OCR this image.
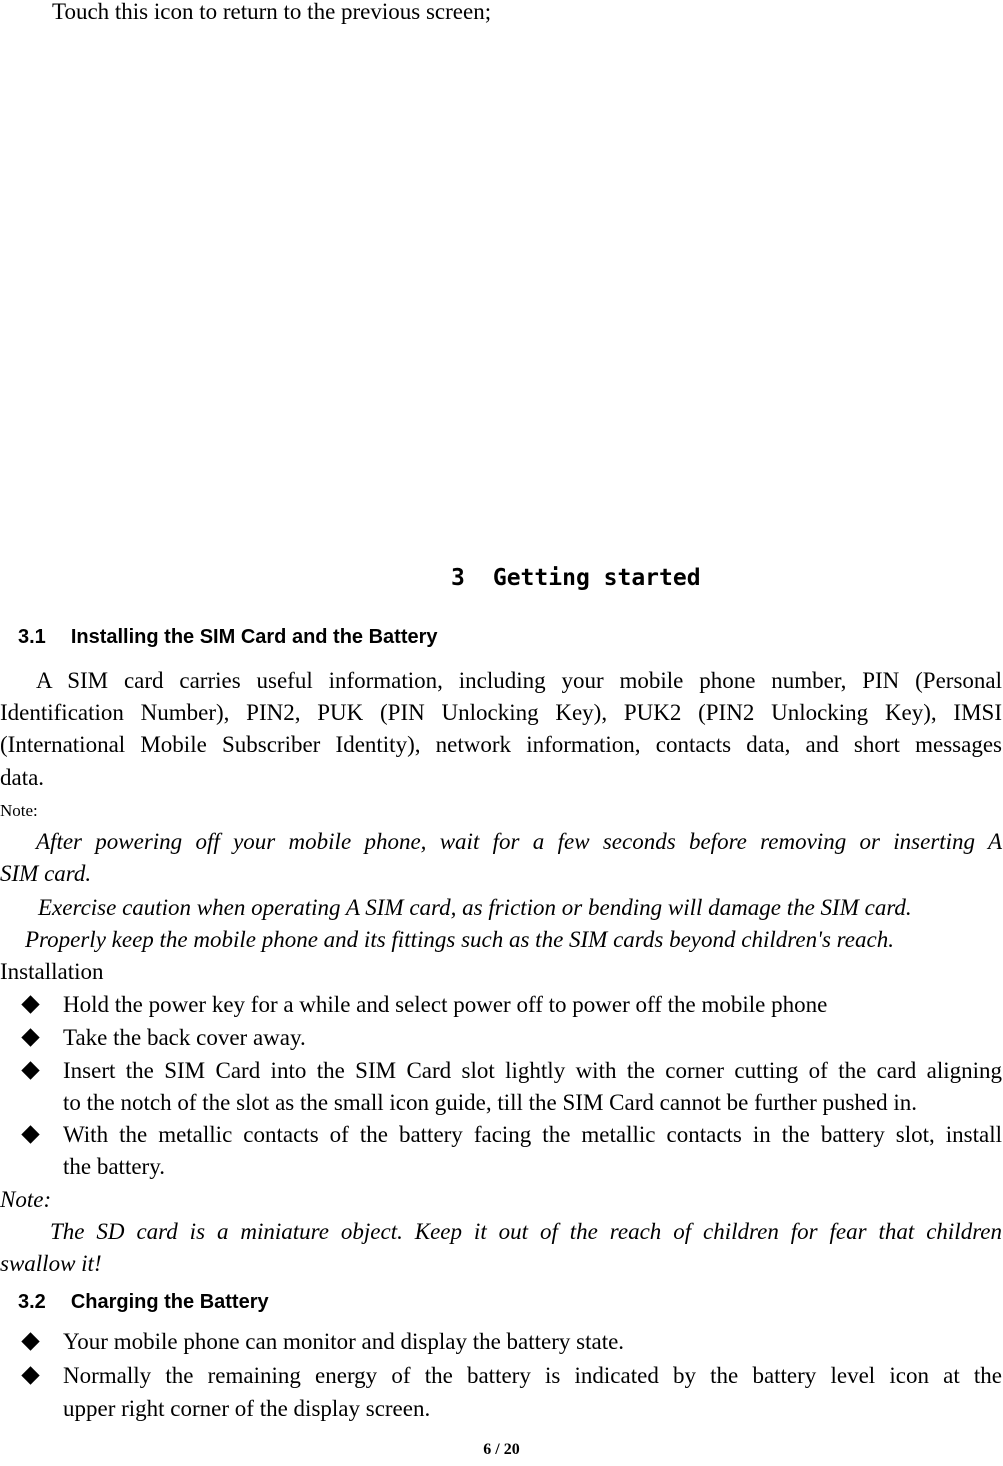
Touch this icon to return to the previous screen;
3 Getting started
3.1 Installing the SIM Card and the Battery
A SIM card carries useful information, including your mobile phone number, PIN (Personal
Identification Number), PIN2, PUK (PIN Unlocking Key), PUK2 (PIN2 Unlocking Key), IMSI
(International Mobile Subscriber Identity), network information, contacts data, and short messages
data.
Note:
After powering off your mobile phone, wait for a few seconds before removing or inserting A
SIM card.
Exercise caution when operating A SIM card, as friction or bending will damage the SIM card.
Properly keep the mobile phone and its fittings such as the SIM cards beyond children's reach.
Installation
Hold the power key for a while and select power off to power off the mobile phone
Take the back cover away.
Insert the SIM Card into the SIM Card slot lightly with the corner cutting of the card aligning
to the notch of the slot as the small icon guide, till the SIM Card cannot be further pushed in.
With the metallic contacts of the battery facing the metallic contacts in the battery slot, install
the battery.
Note:
The SD card is a miniature object. Keep it out of the reach of children for fear that children
swallow it!
3.2 Charging the Battery
Your mobile phone can monitor and display the battery state.
Normally the remaining energy of the battery is indicated by the battery level icon at the
upper right corner of the display screen.
6 / 20
